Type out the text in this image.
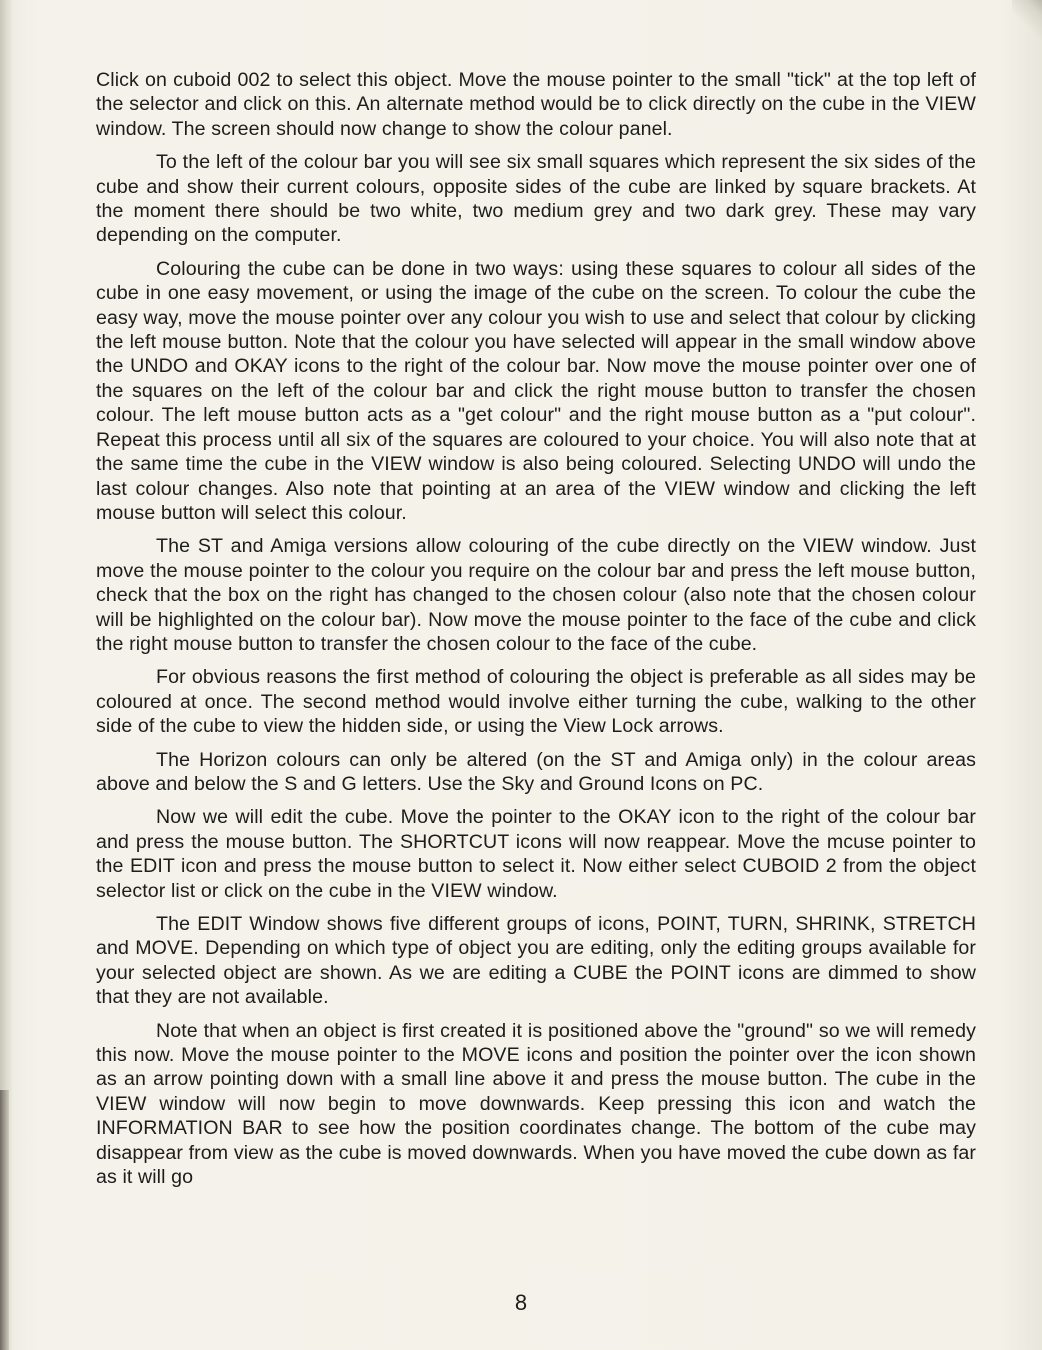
Click on cuboid 002 to select this object. Move the mouse pointer to the small "tick" at the top left of the selector and click on this. An alternate method would be to click directly on the cube in the VIEW window. The screen should now change to show the colour panel.

To the left of the colour bar you will see six small squares which represent the six sides of the cube and show their current colours, opposite sides of the cube are linked by square brackets. At the moment there should be two white, two medium grey and two dark grey. These may vary depending on the computer.

Colouring the cube can be done in two ways: using these squares to colour all sides of the cube in one easy movement, or using the image of the cube on the screen. To colour the cube the easy way, move the mouse pointer over any colour you wish to use and select that colour by clicking the left mouse button. Note that the colour you have selected will appear in the small window above the UNDO and OKAY icons to the right of the colour bar. Now move the mouse pointer over one of the squares on the left of the colour bar and click the right mouse button to transfer the chosen colour. The left mouse button acts as a "get colour" and the right mouse button as a "put colour". Repeat this process until all six of the squares are coloured to your choice. You will also note that at the same time the cube in the VIEW window is also being coloured. Selecting UNDO will undo the last colour changes. Also note that pointing at an area of the VIEW window and clicking the left mouse button will select this colour.

The ST and Amiga versions allow colouring of the cube directly on the VIEW window. Just move the mouse pointer to the colour you require on the colour bar and press the left mouse button, check that the box on the right has changed to the chosen colour (also note that the chosen colour will be highlighted on the colour bar). Now move the mouse pointer to the face of the cube and click the right mouse button to transfer the chosen colour to the face of the cube.

For obvious reasons the first method of colouring the object is preferable as all sides may be coloured at once. The second method would involve either turning the cube, walking to the other side of the cube to view the hidden side, or using the View Lock arrows.

The Horizon colours can only be altered (on the ST and Amiga only) in the colour areas above and below the S and G letters. Use the Sky and Ground Icons on PC.

Now we will edit the cube. Move the pointer to the OKAY icon to the right of the colour bar and press the mouse button. The SHORTCUT icons will now reappear. Move the mcuse pointer to the EDIT icon and press the mouse button to select it. Now either select CUBOID 2 from the object selector list or click on the cube in the VIEW window.

The EDIT Window shows five different groups of icons, POINT, TURN, SHRINK, STRETCH and MOVE. Depending on which type of object you are editing, only the editing groups available for your selected object are shown. As we are editing a CUBE the POINT icons are dimmed to show that they are not available.

Note that when an object is first created it is positioned above the "ground" so we will remedy this now. Move the mouse pointer to the MOVE icons and position the pointer over the icon shown as an arrow pointing down with a small line above it and press the mouse button. The cube in the VIEW window will now begin to move downwards. Keep pressing this icon and watch the INFORMATION BAR to see how the position coordinates change. The bottom of the cube may disappear from view as the cube is moved downwards. When you have moved the cube down as far as it will go

8
